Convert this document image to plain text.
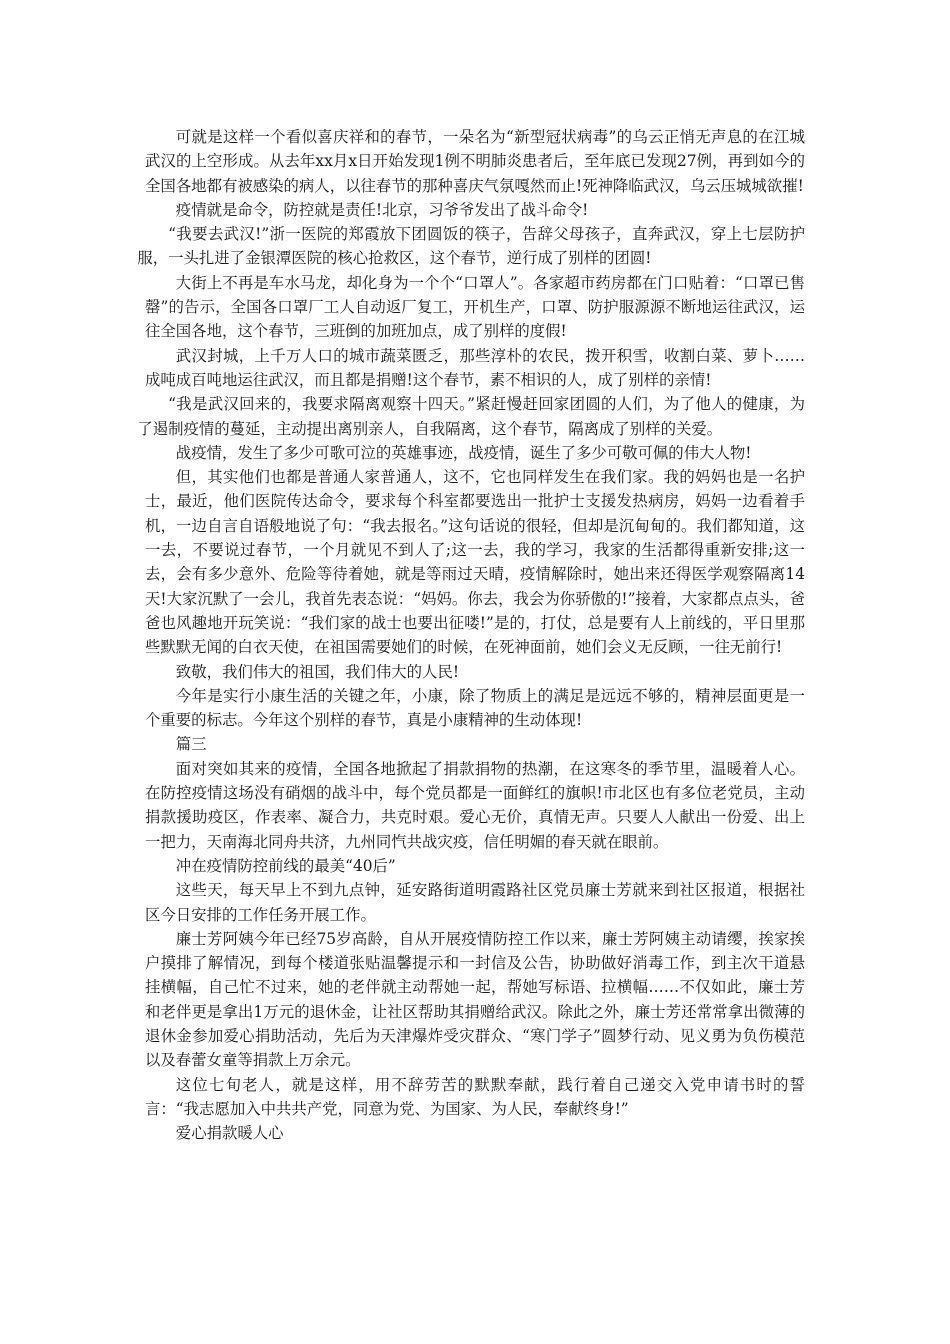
可就是这样一个看似喜庆祥和的春节，一朵名为“新型冠状病毒”的乌云正悄无声息的在江城武汉的上空形成。从去年xx月x日开始发现1例不明肺炎患者后，至年底已发现27例，再到如今的全国各地都有被感染的病人，以往春节的那种喜庆气氛嘎然而止!死神降临武汉，乌云压城城欲摧!

疫情就是命令，防控就是责任!北京，习爷爷发出了战斗命令!

“我要去武汉!”浙一医院的郑霞放下团圆饭的筷子，告辞父母孩子，直奔武汉，穿上七层防护服，一头扎进了金银潭医院的核心抢救区，这个春节，逆行成了别样的团圆!

大街上不再是车水马龙，却化身为一个个“口罩人”。各家超市药房都在门口贴着：“口罩已售罄”的告示，全国各口罩厂工人自动返厂复工，开机生产，口罩、防护服源源不断地运往武汉，运往全国各地，这个春节，三班倒的加班加点，成了别样的度假!

武汉封城，上千万人口的城市蔬菜匮乏，那些淳朴的农民，拨开积雪，收割白菜、萝卜……成吨成百吨地运往武汉，而且都是捐赠!这个春节，素不相识的人，成了别样的亲情!

“我是武汉回来的，我要求隔离观察十四天。”紧赶慢赶回家团圆的人们，为了他人的健康，为了遏制疫情的蔓延，主动提出离别亲人，自我隔离，这个春节，隔离成了别样的关爱。

战疫情，发生了多少可歌可泣的英雄事迹，战疫情，诞生了多少可敬可佩的伟大人物!

但，其实他们也都是普通人家普通人，这不，它也同样发生在我们家。我的妈妈也是一名护士，最近，他们医院传达命令，要求每个科室都要选出一批护士支援发热病房，妈妈一边看着手机，一边自言自语般地说了句：“我去报名。”这句话说的很轻，但却是沉甸甸的。我们都知道，这一去，不要说过春节，一个月就见不到人了;这一去，我的学习，我家的生活都得重新安排;这一去，会有多少意外、危险等待着她，就是等雨过天晴，疫情解除时，她出来还得医学观察隔离14天!大家沉默了一会儿，我首先表态说：“妈妈。你去，我会为你骄傲的!”接着，大家都点点头，爸爸也风趣地开玩笑说：“我们家的战士也要出征喽!”是的，打仗，总是要有人上前线的，平日里那些默默无闻的白衣天使，在祖国需要她们的时候，在死神面前，她们会义无反顾，一往无前行!

致敬，我们伟大的祖国，我们伟大的人民!

今年是实行小康生活的关键之年，小康，除了物质上的满足是远远不够的，精神层面更是一个重要的标志。今年这个别样的春节，真是小康精神的生动体现!

篇三

面对突如其来的疫情，全国各地掀起了捐款捐物的热潮，在这寒冬的季节里，温暖着人心。在防控疫情这场没有硝烟的战斗中，每个党员都是一面鲜红的旗帜!市北区也有多位老党员，主动捐款援助疫区，作表率、凝合力，共克时艰。爱心无价，真情无声。只要人人献出一份爱、出上一把力，天南海北同舟共济，九州同忾共战灾疫，信任明媚的春天就在眼前。

冲在疫情防控前线的最美“40后”

这些天，每天早上不到九点钟，延安路街道明霞路社区党员廉士芳就来到社区报道，根据社区今日安排的工作任务开展工作。

廉士芳阿姨今年已经75岁高龄，自从开展疫情防控工作以来，廉士芳阿姨主动请缨，挨家挨户摸排了解情况，到每个楼道张贴温馨提示和一封信及公告，协助做好消毒工作，到主次干道悬挂横幅，自己忙不过来，她的老伴就主动帮她一起，帮她写标语、拉横幅……不仅如此，廉士芳和老伴更是拿出1万元的退休金，让社区帮助其捐赠给武汉。除此之外，廉士芳还常常拿出微薄的退休金参加爱心捐助活动，先后为天津爆炸受灾群众、“寒门学子”圆梦行动、见义勇为负伤模范以及春蕾女童等捐款上万余元。

这位七旬老人，就是这样，用不辞劳苦的默默奉献，践行着自己递交入党申请书时的誓言：“我志愿加入中共共产党，同意为党、为国家、为人民，奉献终身!”

爱心捐款暖人心
